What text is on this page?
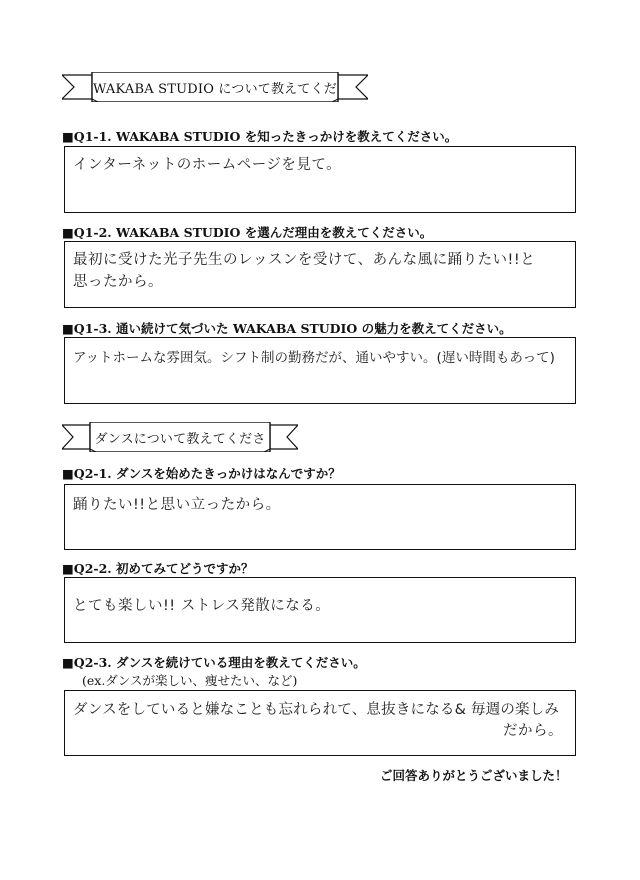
WAKABA STUDIO について教えてくだ
■Q1-1. WAKABA STUDIO を知ったきっかけを教えてください。
インターネットのホームページを見て。
■Q1-2. WAKABA STUDIO を選んだ理由を教えてください。
最初に受けた光子先生のレッスンを受けて、あんな風に踊りたい!!と
思ったから。
■Q1-3. 通い続けて気づいた WAKABA STUDIO の魅力を教えてください。
アットホームな雰囲気。シフト制の勤務だが、通いやすい。(遅い時間もあって)
ダンスについて教えてくださ
■Q2-1. ダンスを始めたきっかけはなんですか？
踊りたい!!と思い立ったから。
■Q2-2. 初めてみてどうですか？
とても楽しい!! ストレス発散になる。
■Q2-3. ダンスを続けている理由を教えてください。
(ex.ダンスが楽しい、痩せたい、など)
ダンスをしていると嫌なことも忘れられて、息抜きになる& 毎週の楽しみ
だから。
ご回答ありがとうございました！
